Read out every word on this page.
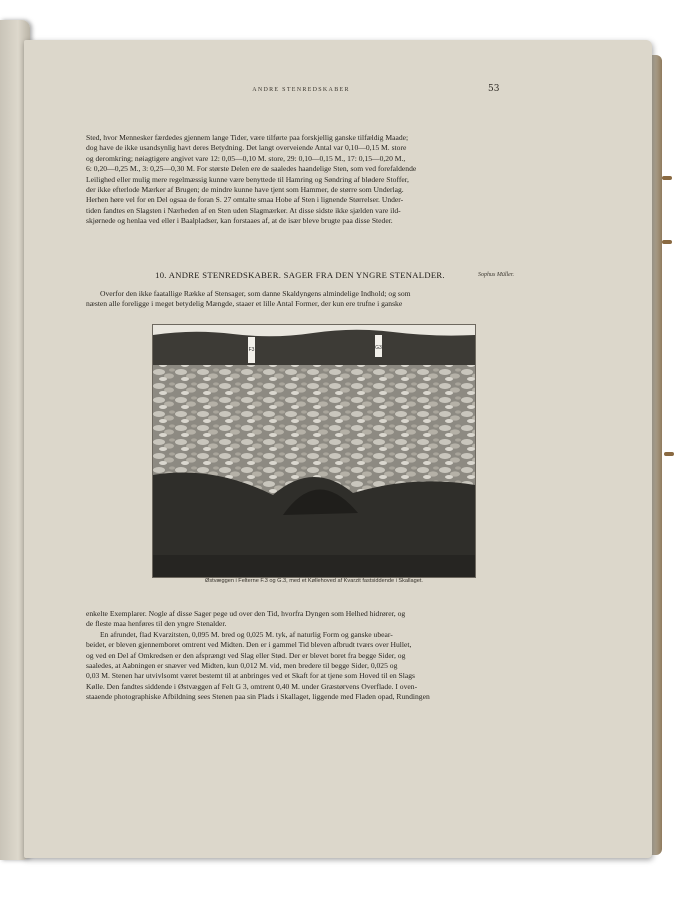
ANDRE STENREDSKABER	53

Sted, hvor Mennesker færdedes gjennem lange Tider, være tilførte paa forskjellig ganske tilfældig Maade;

dog have de ikke usandsynlig havt deres Betydning. Det langt overveiende Antal var 0,10—0,15 M. store

og deromkring; nøiagtigere angivet vare 12: 0,05—0,10 M. store, 29: 0,10—0,15 M., 17: 0,15—0,20 M.,

6: 0,20—0,25 M., 3: 0,25—0,30 M. For største Delen ere de saaledes haandelige Sten, som ved forefaldende

Leilighed eller mulig mere regelmæssig kunne være benyttede til Hamring og Søndring af blødere Stoffer,

der ikke efterlode Mærker af Brugen; de mindre kunne have tjent som Hammer, de større som Underlag.

Herhen høre vel for en Del ogsaa de foran S. 27 omtalte smaa Hobe af Sten i lignende Størrelser. Under-

tiden fandtes en Slagsten i Nærheden af en Sten uden Slagmærker. At disse sidste ikke sjælden vare ild-

skjørnede og henlaa ved eller i Baalpladser, kan forstaaes af, at de især bleve brugte paa disse Steder.

Sophus Müller.
10. ANDRE STENREDSKABER. SAGER FRA DEN YNGRE STENALDER.

Overfor den ikke faatallige Række af Stensager, som danne Skaldyngens almindelige Indhold; og som

næsten alle foreligge i meget betydelig Mængde, staaer et lille Antal Former, der kun ere trufne i ganske

F3	G3
Østvæggen i Felterne F.3 og G.3, med et Køllehoved af Kvarzit fastsiddende i Skallaget.

enkelte Exemplarer. Nogle af disse Sager pege ud over den Tid, hvorfra Dyngen som Helhed hidrører, og

de fleste maa henføres til den yngre Stenalder.

En afrundet, flad Kvarzitsten, 0,095 M. bred og 0,025 M. tyk, af naturlig Form og ganske ubear-

beidet, er bleven gjennemboret omtrent ved Midten. Den er i gammel Tid bleven afbrudt tværs over Hullet,

og ved en Del af Omkredsen er den afsprængt ved Slag eller Stød. Der er blevet boret fra begge Sider, og

saaledes, at Aabningen er snæver ved Midten, kun 0,012 M. vid, men bredere til begge Sider, 0,025 og

0,03 M. Stenen har utvivlsomt været bestemt til at anbringes ved et Skaft for at tjene som Hoved til en Slags

Kølle. Den fandtes siddende i Østvæggen af Felt G 3, omtrent 0,40 M. under Græstørvens Overflade. I oven-

staaende photographiske Afbildning sees Stenen paa sin Plads i Skallaget, liggende med Fladen opad, Rundingen
